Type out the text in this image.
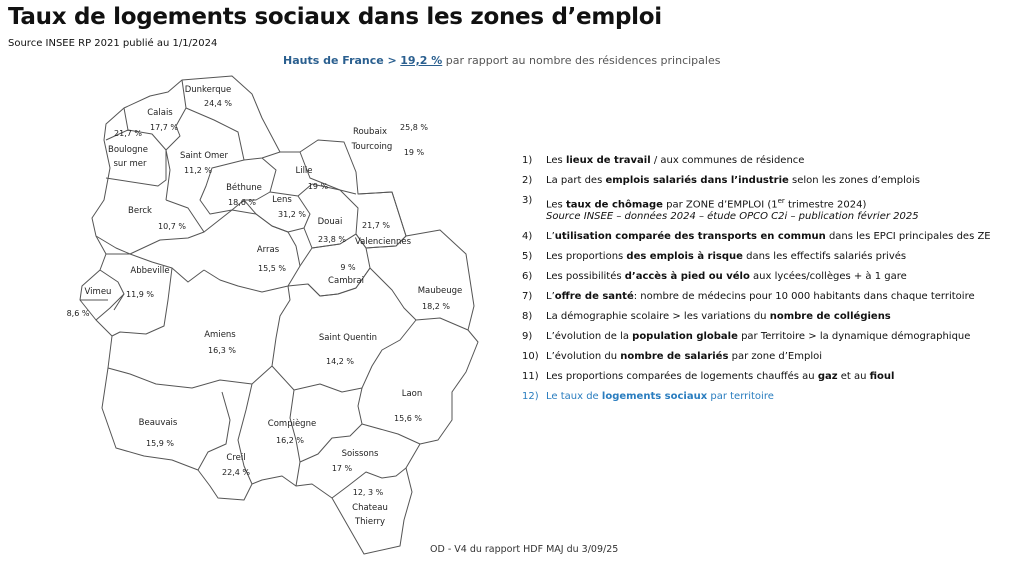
Taux de logements sociaux dans les zones d’emploi
Source INSEE RP 2021 publié au 1/1/2024
Hauts de France > 19,2 % par rapport au nombre des résidences principales
Dunkerque
24,4 %
Calais
17,7 %
Boulogne
sur mer
21,7 %
Saint Omer
11,2 %
Roubaix
Tourcoing
25,8 %
19 %
Lille
19 %
Béthune
18,6 % Lens
31,2 %
Douai
23,8 % Valenciennes
21,7 %
Berck
10,7 %
Arras
15,5 %
Cambrai
9 %
Abbeville
11,9 %
Vimeu
8,6 %
Maubeuge
18,2 %
Amiens
16,3 %
Saint Quentin
14,2 %
Laon
15,6 %
Beauvais
15,9 %
Compiègne
16,2 %
Creil
22,4 %
Soissons
17 %
Chateau
Thierry
12, 3 %
1)	Les lieux de travail / aux communes de résidence
2)	La part des emplois salariés dans l’industrie selon les zones d’emplois
3)	Les taux de chômage par ZONE d’EMPLOI (1er trimestre 2024)
Source INSEE – données 2024 – étude OPCO C2i – publication février 2025
4)	L’utilisation comparée des transports en commun dans les EPCI principales des ZE
5)	Les proportions des emplois à risque dans les effectifs salariés privés
6)	Les possibilités d’accès à pied ou vélo aux lycées/collèges + à 1 gare
7)	L’offre de santé: nombre de médecins pour 10 000 habitants dans chaque territoire
8)	La démographie scolaire > les variations du nombre de collégiens
9)	L’évolution de la population globale par Territoire > la dynamique démographique
10) L’évolution du nombre de salariés par zone d’Emploi
11) Les proportions comparées de logements chauffés au gaz et au fioul
12) Le taux de logements sociaux par territoire
OD - V4 du rapport HDF MAJ du 3/09/25
